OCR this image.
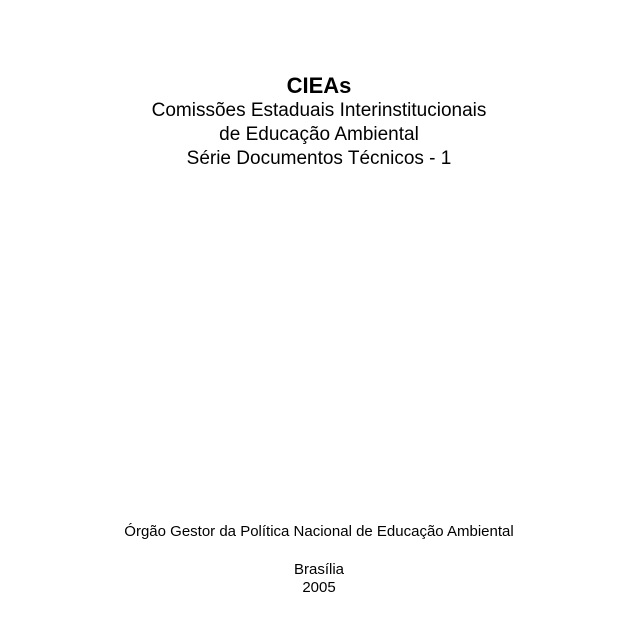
CIEAs
Comissões Estaduais Interinstitucionais
de Educação Ambiental
Série Documentos Técnicos - 1
Órgão Gestor da Política Nacional de Educação Ambiental
Brasília
2005
